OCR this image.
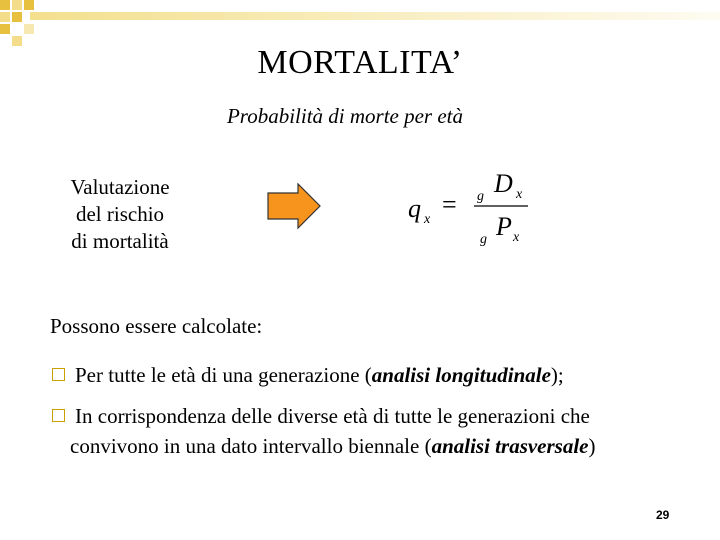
MORTALITA’
Probabilità di morte per età
Valutazione
del rischio
di mortalità
q x
= g D x
g P x
Possono essere calcolate:
Per tutte le età di una generazione (analisi longitudinale);
In corrispondenza delle diverse età di tutte le generazioni che
convivono in una dato intervallo biennale (analisi trasversale)
29
